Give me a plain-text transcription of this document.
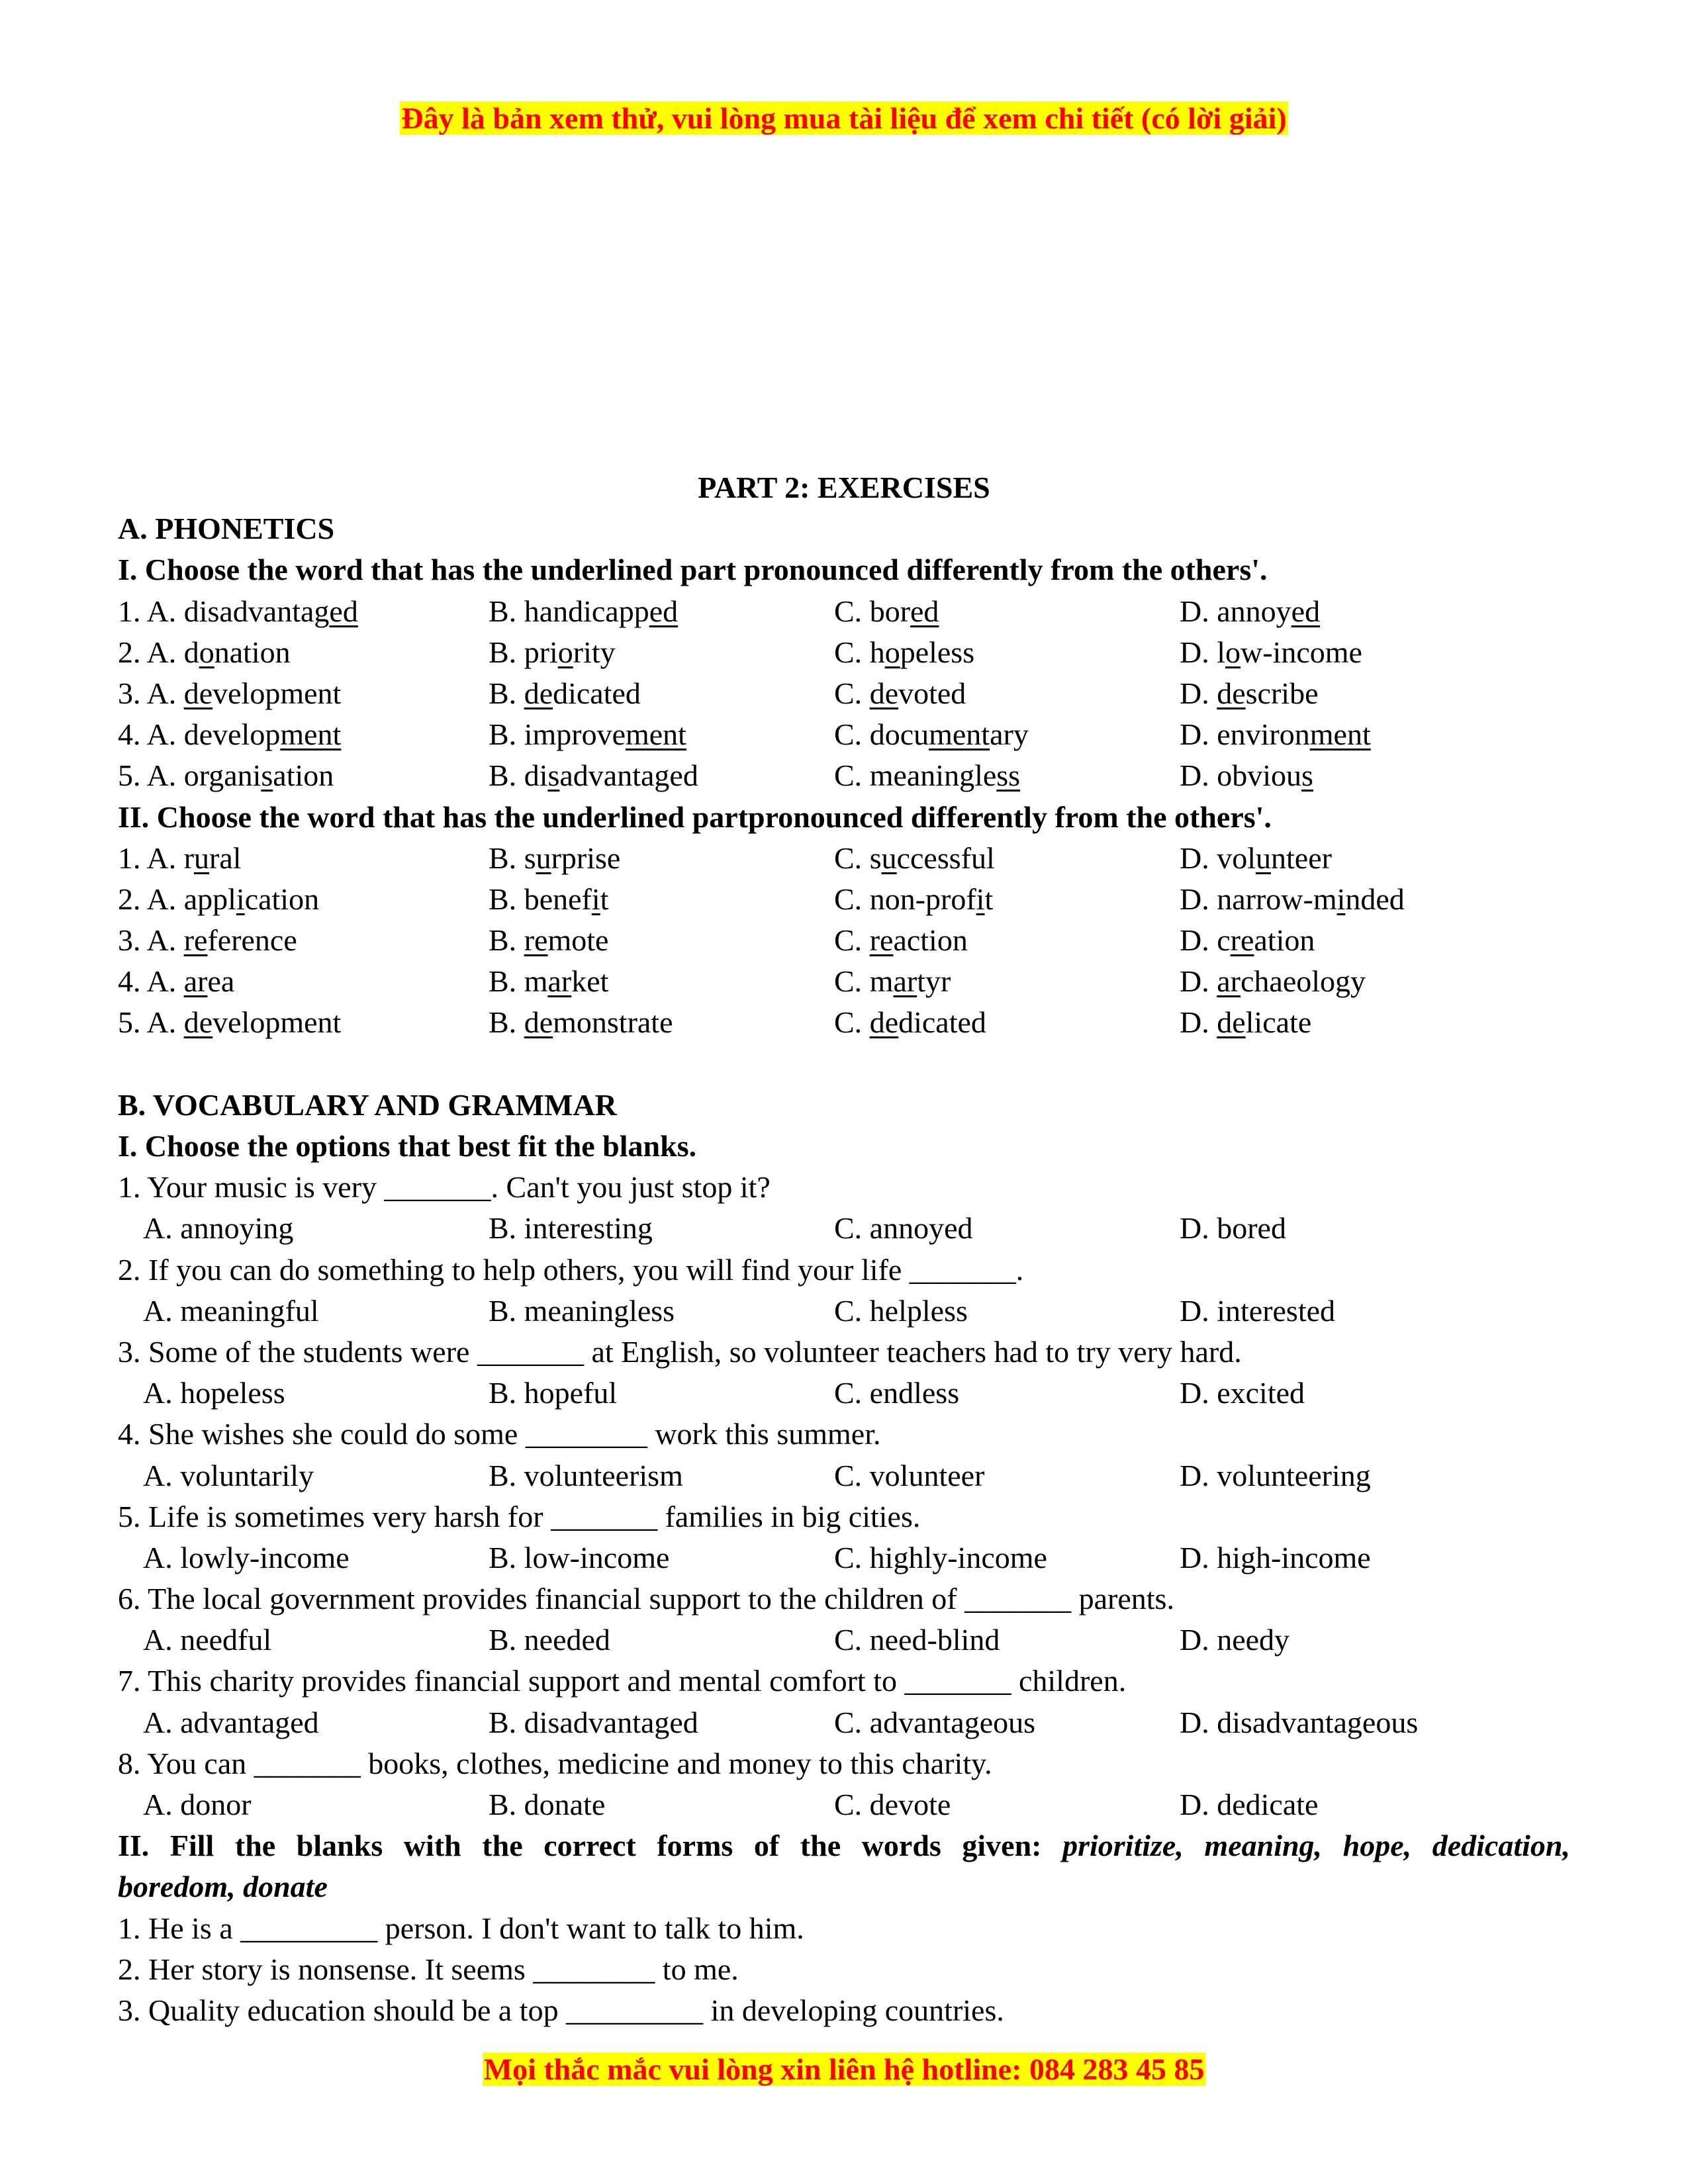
Đây là bản xem thử, vui lòng mua tài liệu để xem chi tiết (có lời giải)
PART 2: EXERCISES
A. PHONETICS
I. Choose the word that has the underlined part pronounced differently from the others'.
1. A. disadvantaged	B. handicapped	C. bored	D. annoyed
2. A. donation	B. priority	C. hopeless	D. low-income
3. A. development	B. dedicated	C. devoted	D. describe
4. A. development	B. improvement	C. documentary	D. environment
5. A. organisation	B. disadvantaged	C. meaningless	D. obvious
II. Choose the word that has the underlined partpronounced differently from the others'.
1. A. rural	B. surprise	C. successful	D. volunteer
2. A. application	B. benefit	C. non-profit	D. narrow-minded
3. A. reference	B. remote	C. reaction	D. creation
4. A. area	B. market	C. martyr	D. archaeology
5. A. development	B. demonstrate	C. dedicated	D. delicate
B. VOCABULARY AND GRAMMAR
I. Choose the options that best fit the blanks.
1. Your music is very _______. Can't you just stop it?
A. annoying	B. interesting	C. annoyed	D. bored
2. If you can do something to help others, you will find your life _______.
A. meaningful	B. meaningless	C. helpless	D. interested
3. Some of the students were _______ at English, so volunteer teachers had to try very hard.
A. hopeless	B. hopeful	C. endless	D. excited
4. She wishes she could do some ________ work this summer.
A. voluntarily	B. volunteerism	C. volunteer	D. volunteering
5. Life is sometimes very harsh for _______ families in big cities.
A. lowly-income	B. low-income	C. highly-income	D. high-income
6. The local government provides financial support to the children of _______ parents.
A. needful	B. needed	C. need-blind	D. needy
7. This charity provides financial support and mental comfort to _______ children.
A. advantaged	B. disadvantaged	C. advantageous	D. disadvantageous
8. You can _______ books, clothes, medicine and money to this charity.
A. donor	B. donate	C. devote	D. dedicate
II. Fill the blanks with the correct forms of the words given: prioritize, meaning, hope, dedication,
boredom, donate
1. He is a _________ person. I don't want to talk to him.
2. Her story is nonsense. It seems ________ to me.
3. Quality education should be a top _________ in developing countries.
Mọi thắc mắc vui lòng xin liên hệ hotline: 084 283 45 85
